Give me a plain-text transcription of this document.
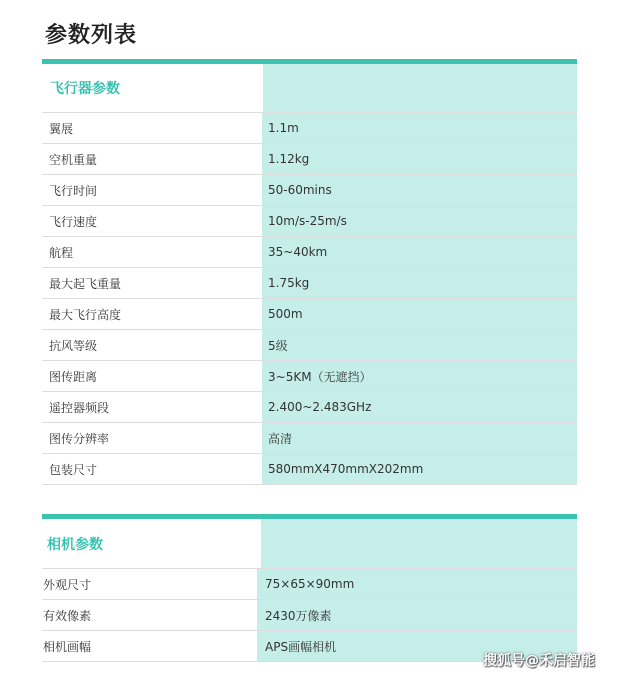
参数列表
飞行器参数
翼展	1.1m
空机重量	1.12kg
飞行时间	50-60mins
飞行速度	10m/s-25m/s
航程	35~40km
最大起飞重量	1.75kg
最大飞行高度	500m
抗风等级	5级
图传距离	3~5KM（无遮挡）
遥控器频段	2.400~2.483GHz
图传分辨率	高清
包装尺寸	580mmX470mmX202mm
相机参数
外观尺寸	75×65×90mm
有效像素	2430万像素
相机画幅	APS画幅相机
搜狐号@禾启智能
